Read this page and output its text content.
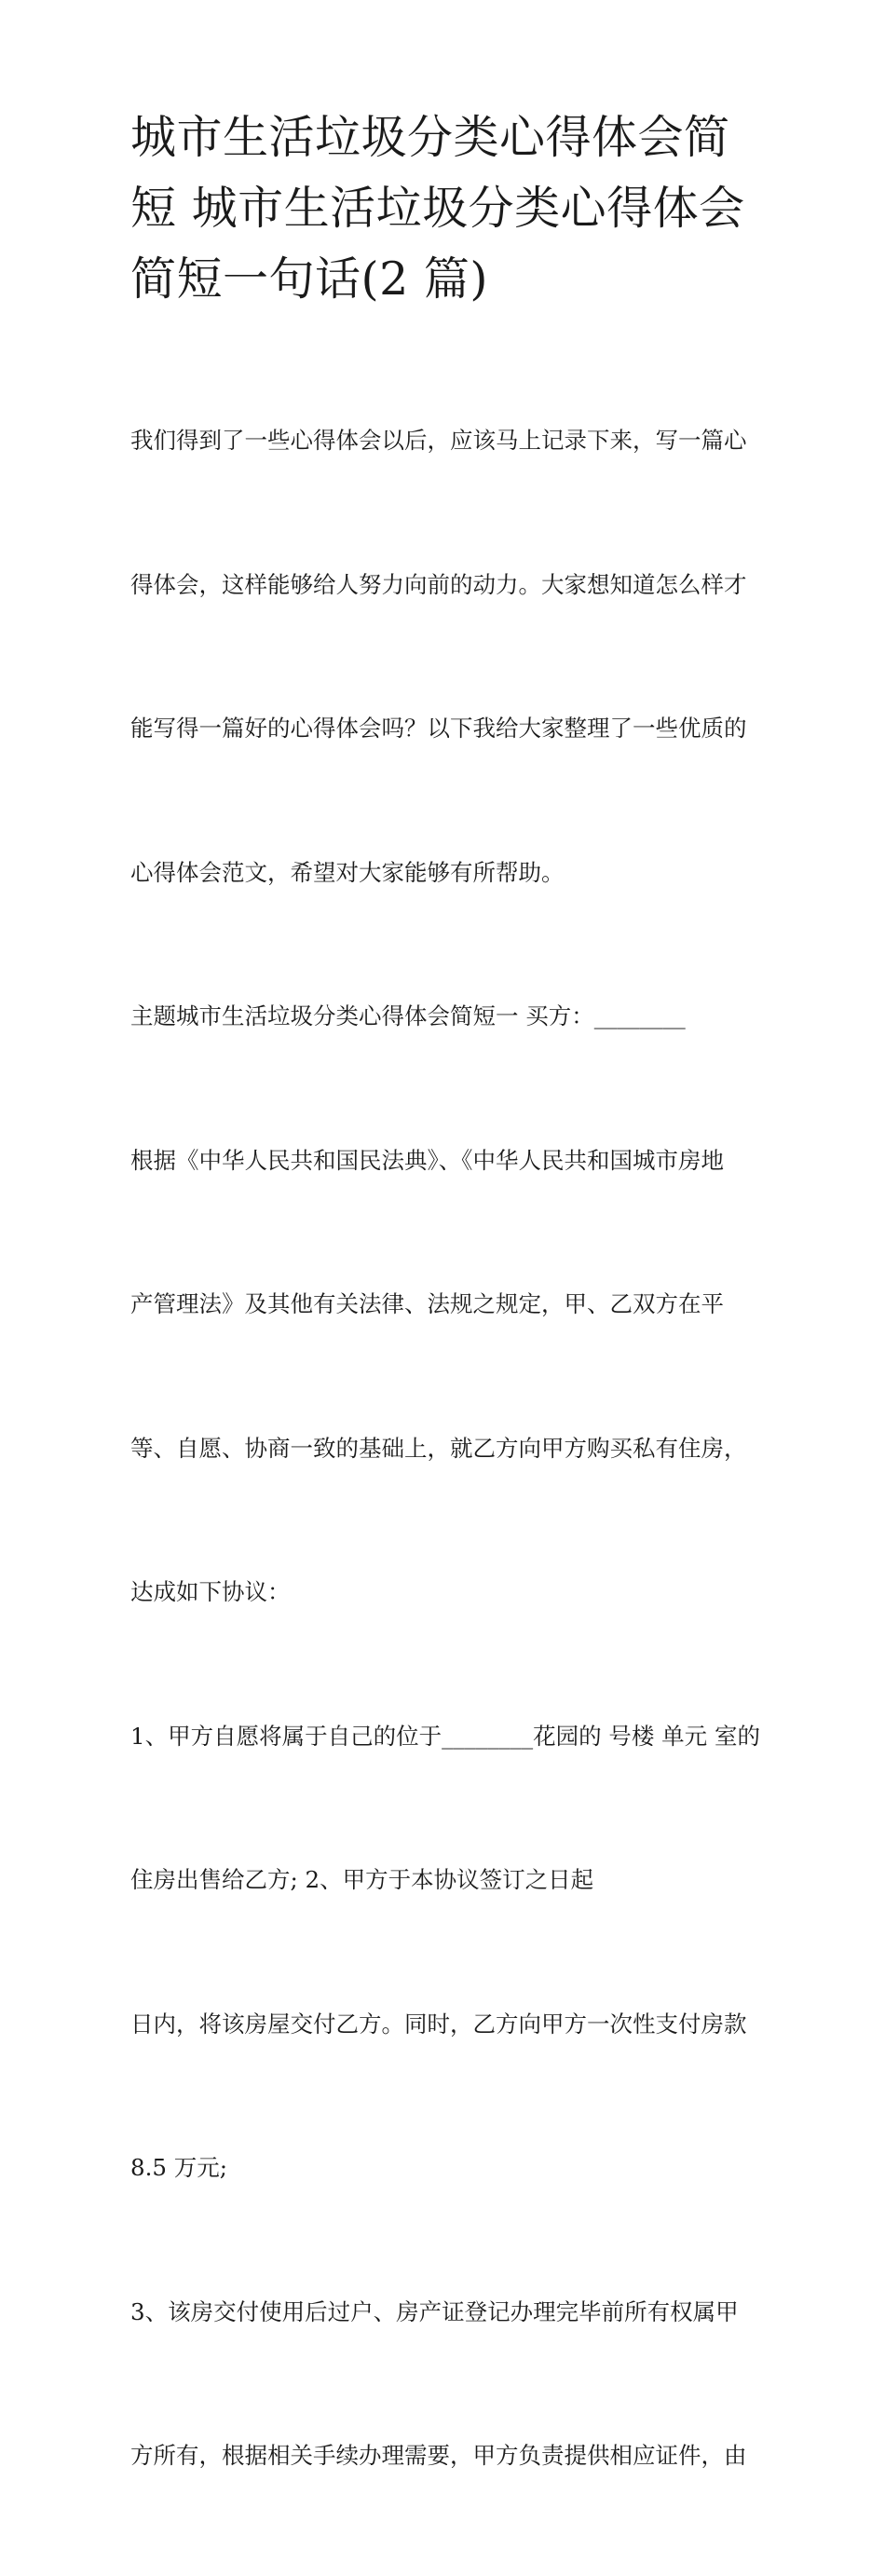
城市生活垃圾分类心得体会简
短 城市生活垃圾分类心得体会
简短一句话(2 篇)

我们得到了一些心得体会以后，应该马上记录下来，写一篇心

得体会，这样能够给人努力向前的动力。大家想知道怎么样才

能写得一篇好的心得体会吗？以下我给大家整理了一些优质的

心得体会范文，希望对大家能够有所帮助。

主题城市生活垃圾分类心得体会简短一 买方：________

根据《中华人民共和国民法典》、《中华人民共和国城市房地

产管理法》及其他有关法律、法规之规定，甲、乙双方在平

等、自愿、协商一致的基础上，就乙方向甲方购买私有住房，

达成如下协议：

1、甲方自愿将属于自己的位于________花园的 号楼 单元 室的

住房出售给乙方; 2、甲方于本协议签订之日起

日内，将该房屋交付乙方。同时，乙方向甲方一次性支付房款

8.5 万元;

3、该房交付使用后过户、房产证登记办理完毕前所有权属甲

方所有，根据相关手续办理需要，甲方负责提供相应证件，由
